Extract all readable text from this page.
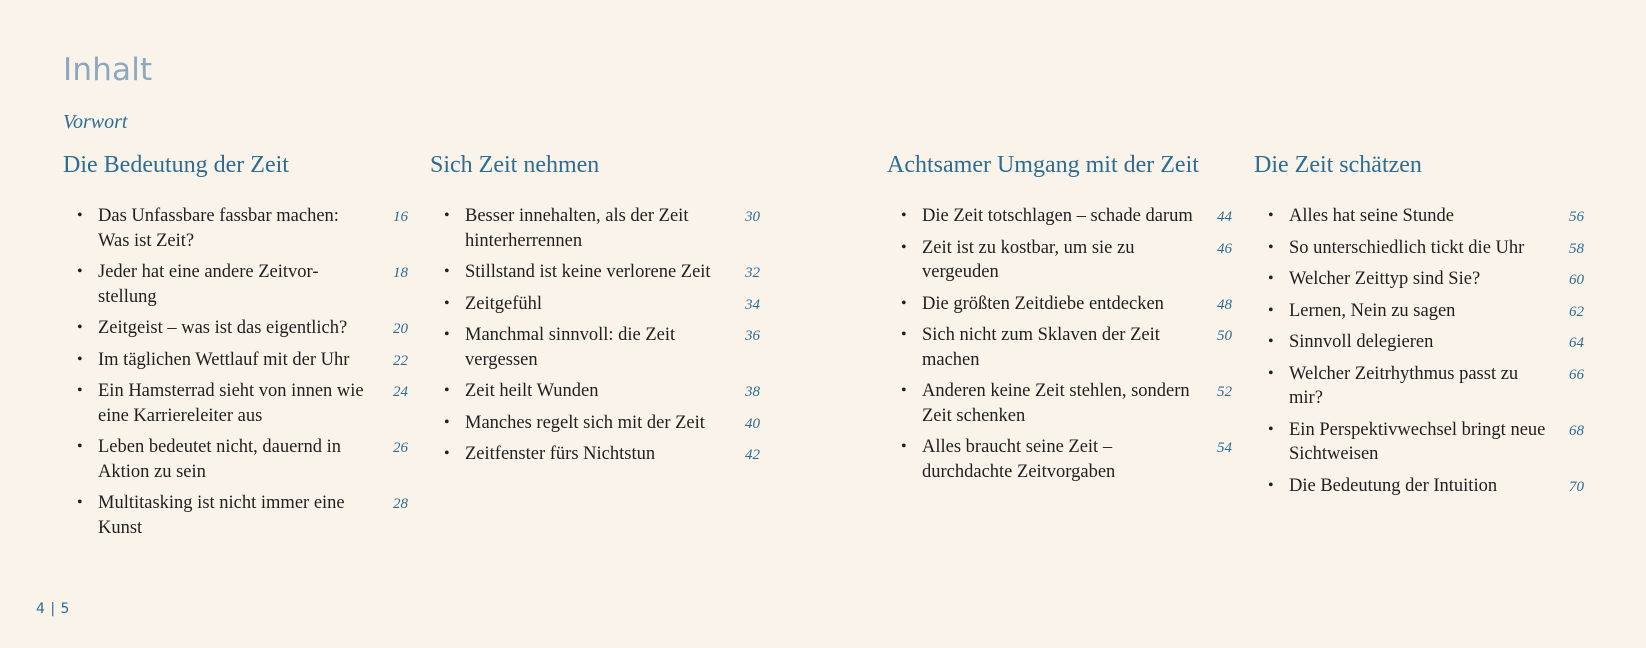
Inhalt
Vorwort
Die Bedeutung der Zeit
• Das Unfassbare fassbar machen: Was ist Zeit?
16
• Jeder hat eine andere Zeitvor-stellung
18
• Zeitgeist – was ist das eigentlich?	20
• Im täglichen Wettlauf mit der Uhr	22
• Ein Hamsterrad sieht von innen wie eine Karriereleiter aus
24
• Leben bedeutet nicht, dauernd in Aktion zu sein
26
• Multitasking ist nicht immer eine Kunst
28
Sich Zeit nehmen
• Besser innehalten, als der Zeit hinterherrennen
30
• Stillstand ist keine verlorene Zeit 32
• Zeitgefühl	34
• Manchmal sinnvoll: die Zeit vergessen
36
• Zeit heilt Wunden	38
• Manches regelt sich mit der Zeit	40
• Zeitfenster fürs Nichtstun	42
Achtsamer Umgang mit der Zeit
• Die Zeit totschlagen – schade darum 44
• Zeit ist zu kostbar, um sie zu vergeuden
46
• Die größten Zeitdiebe entdecken	48
• Sich nicht zum Sklaven der Zeit machen
50
• Anderen keine Zeit stehlen, sondern Zeit schenken
52
• Alles braucht seine Zeit – durchdachte Zeitvorgaben
54
Die Zeit schätzen
• Alles hat seine Stunde	56
• So unterschiedlich tickt die Uhr	58
• Welcher Zeittyp sind Sie?	60
• Lernen, Nein zu sagen	62
• Sinnvoll delegieren	64
• Welcher Zeitrhythmus passt zu mir?
66
• Ein Perspektivwechsel bringt neue Sichtweisen
68
• Die Bedeutung der Intuition	70
4 | 5
